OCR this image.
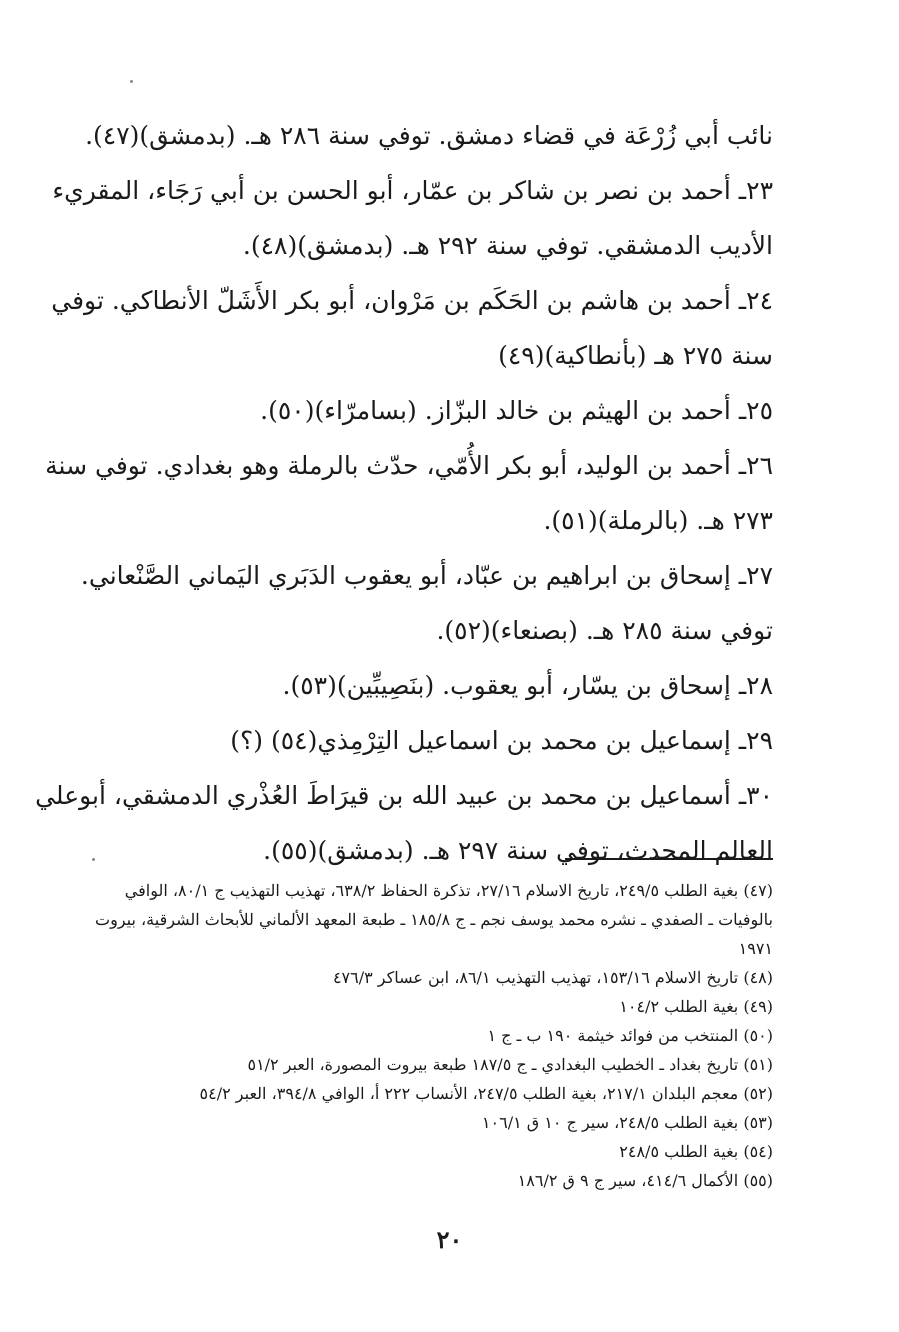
نائب أبي زُرْعَة في قضاء دمشق. توفي سنة ٢٨٦ هـ. (بدمشق)(٤٧).
٢٣ـ أحمد بن نصر بن شاكر بن عمّار، أبو الحسن بن أبي رَجَاء، المقريء
الأديب الدمشقي. توفي سنة ٢٩٢ هـ. (بدمشق)(٤٨).
٢٤ـ أحمد بن هاشم بن الحَكَم بن مَرْوان، أبو بكر الأَشَلّ الأنطاكي. توفي
سنة ٢٧٥ هـ (بأنطاكية)(٤٩)
٢٥ـ أحمد بن الهيثم بن خالد البزّاز. (بسامرّاء)(٥٠).
٢٦ـ أحمد بن الوليد، أبو بكر الأُمّي، حدّث بالرملة وهو بغدادي. توفي سنة
٢٧٣ هـ. (بالرملة)(٥١).
٢٧ـ إسحاق بن ابراهيم بن عبّاد، أبو يعقوب الدَبَري اليَماني الصَّنْعاني.
توفي سنة ٢٨٥ هـ. (بصنعاء)(٥٢).
٢٨ـ إسحاق بن يسّار، أبو يعقوب. (بنَصِيبِّين)(٥٣).
٢٩ـ إسماعيل بن محمد بن اسماعيل التِرْمِذي(٥٤) (؟)
٣٠ـ أسماعيل بن محمد بن عبيد الله بن قيرَاطَ العُذْري الدمشقي، أبوعلي
العالم المحدث، توفي سنة ٢٩٧ هـ. (بدمشق)(٥٥).
(٤٧) بغية الطلب ٢٤٩/٥، تاريخ الاسلام ٢٧/١٦، تذكرة الحفاظ ٦٣٨/٢، تهذيب التهذيب ج ٨٠/١، الوافي
بالوفيات ـ الصفدي ـ نشره محمد يوسف نجم ـ ج ١٨٥/٨ ـ طبعة المعهد الألماني للأبحاث الشرقية، بيروت
١٩٧١
(٤٨) تاريخ الاسلام ١٥٣/١٦، تهذيب التهذيب ٨٦/١، ابن عساكر ٤٧٦/٣
(٤٩) بغية الطلب ١٠٤/٢
(٥٠) المنتخب من فوائد خيثمة ١٩٠ ب ـ ج ١
(٥١) تاريخ بغداد ـ الخطيب البغدادي ـ ج ١٨٧/٥ طبعة بيروت المصورة، العبر ٥١/٢
(٥٢) معجم البلدان ٢١٧/١، بغية الطلب ٢٤٧/٥، الأنساب ٢٢٢ أ، الوافي ٣٩٤/٨، العبر ٥٤/٢
(٥٣) بغية الطلب ٢٤٨/٥، سير ج ١٠ ق ١٠٦/١
(٥٤) بغية الطلب ٢٤٨/٥
(٥٥) الأكمال ٤١٤/٦، سير ج ٩ ق ١٨٦/٢
٢٠
